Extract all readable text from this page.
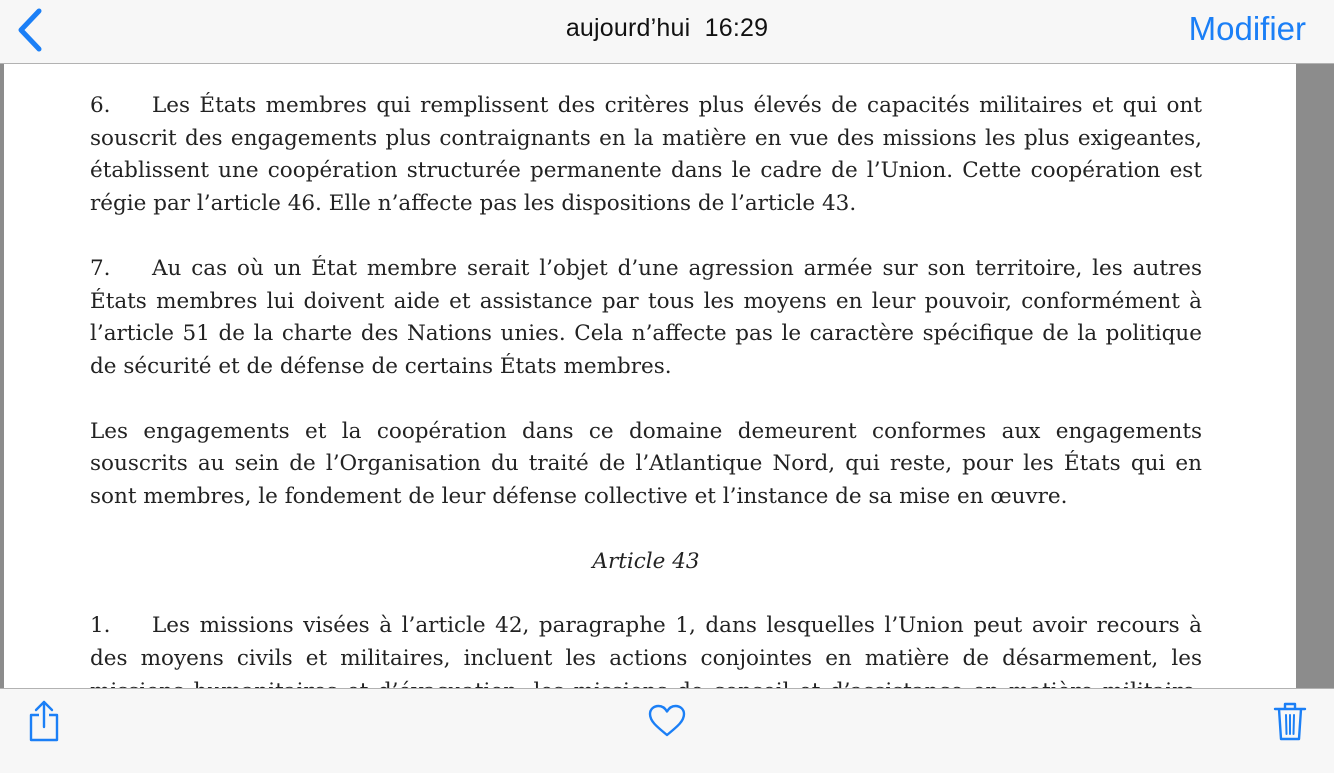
aujourd’hui  16:29	Modifier

6. Les États membres qui remplissent des critères plus élevés de capacités militaires et qui ont souscrit des engagements plus contraignants en la matière en vue des missions les plus exigeantes, établissent une coopération structurée permanente dans le cadre de l’Union. Cette coopération est régie par l’article 46. Elle n’affecte pas les dispositions de l’article 43.

7. Au cas où un État membre serait l’objet d’une agression armée sur son territoire, les autres États membres lui doivent aide et assistance par tous les moyens en leur pouvoir, conformément à l’article 51 de la charte des Nations unies. Cela n’affecte pas le caractère spécifique de la politique de sécurité et de défense de certains États membres.

Les engagements et la coopération dans ce domaine demeurent conformes aux engagements souscrits au sein de l’Organisation du traité de l’Atlantique Nord, qui reste, pour les États qui en sont membres, le fondement de leur défense collective et l’instance de sa mise en œuvre.

Article 43

1. Les missions visées à l’article 42, paragraphe 1, dans lesquelles l’Union peut avoir recours à des moyens civils et militaires, incluent les actions conjointes en matière de désarmement, les
